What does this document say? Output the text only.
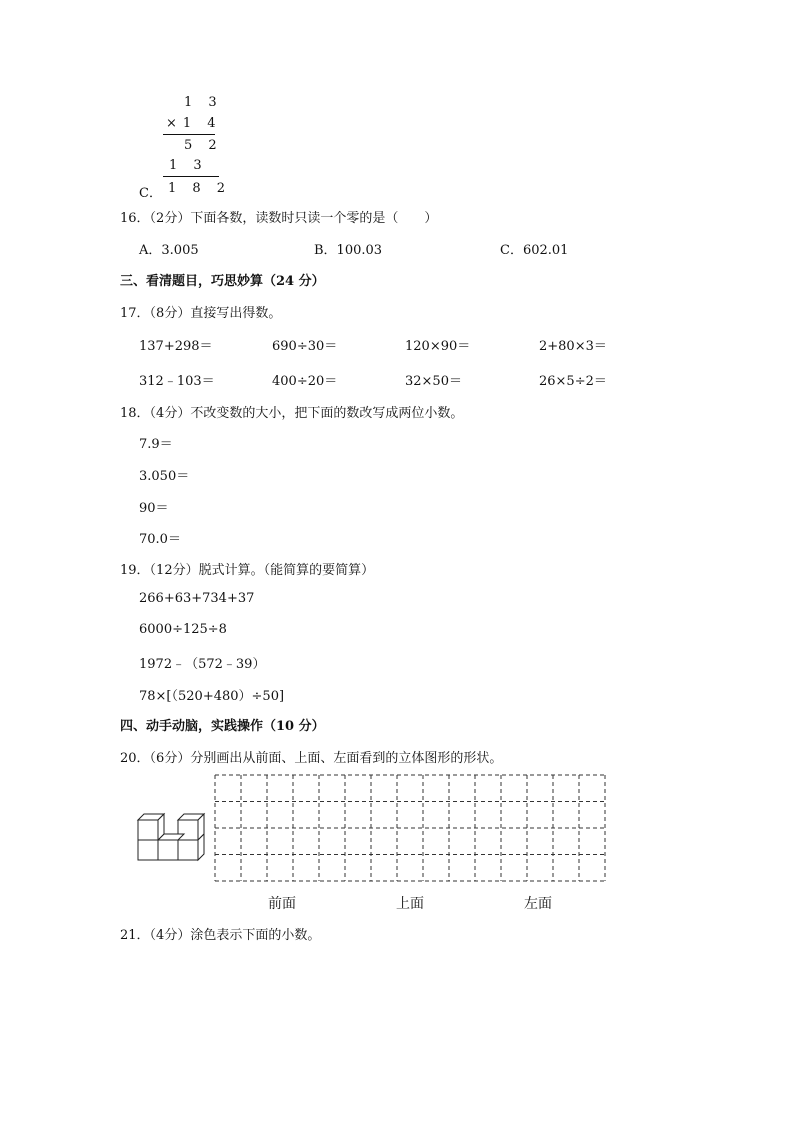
1 3
×1 4
5 2
1 3
1 8 2
C．
16．（2分）下面各数，读数时只读一个零的是（　　）
A．3.005	B．100.03	C．602.01
三、看清题目，巧思妙算（24 分）
17．（8分）直接写出得数。
137+298＝	690÷30＝	120×90＝	2+80×3＝
312﹣103＝	400÷20＝	32×50＝	26×5÷2＝
18．（4分）不改变数的大小，把下面的数改写成两位小数。
7.9＝
3.050＝
90＝
70.0＝
19．（12分）脱式计算。（能简算的要简算）
266+63+734+37
6000÷125÷8
1972﹣（572﹣39）
78×[（520+480）÷50]
四、动手动脑，实践操作（10 分）
20．（6分）分别画出从前面、上面、左面看到的立体图形的形状。
前面	上面	左面
21．（4分）涂色表示下面的小数。
